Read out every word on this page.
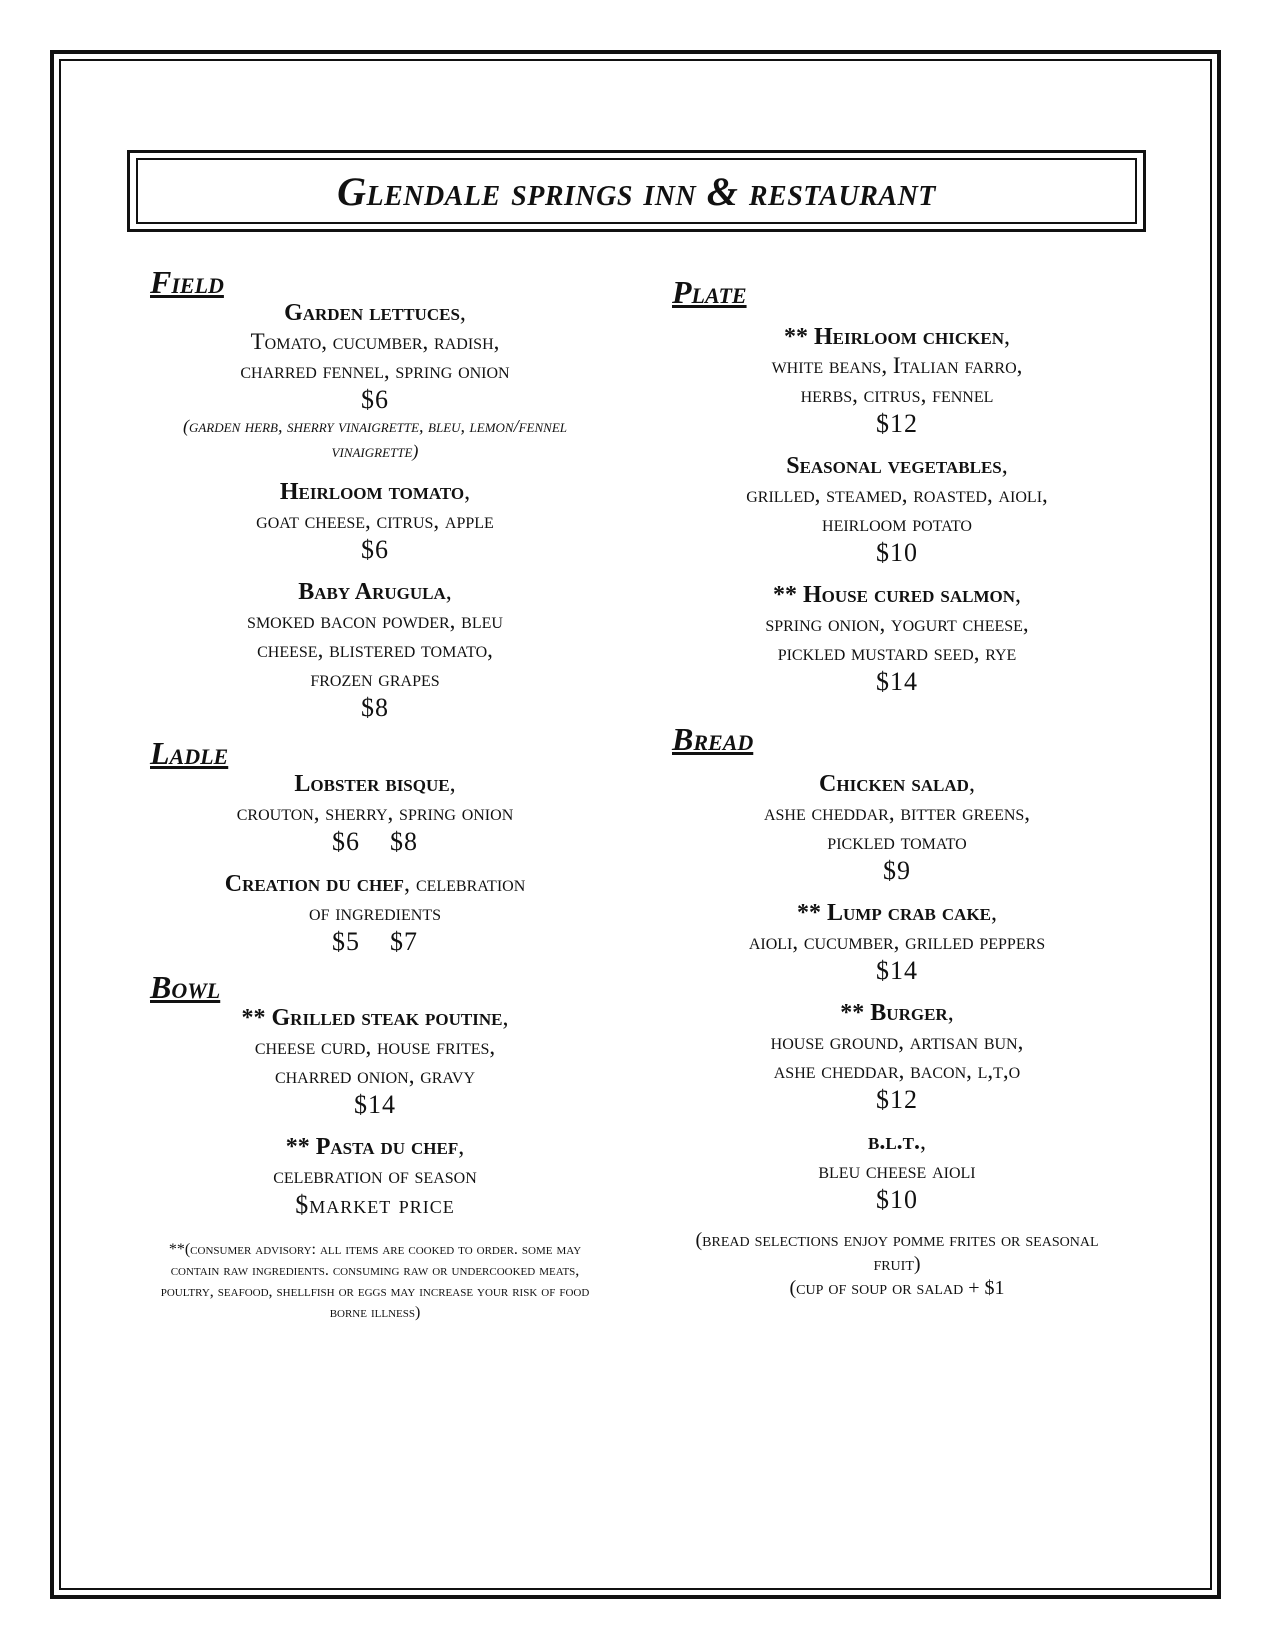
Glendale springs inn & restaurant
Field
Garden lettuces,
Tomato, cucumber, radish,
charred fennel, spring onion
$6
(garden herb, sherry vinaigrette, bleu, lemon/fennel vinaigrette)
Heirloom tomato,
goat cheese, citrus, apple
$6
Baby Arugula,
smoked bacon powder, bleu
cheese, blistered tomato,
frozen grapes
$8
Ladle
Lobster bisque,
crouton, sherry, spring onion
$6    $8
Creation du chef, celebration
of ingredients
$5    $7
Bowl
** Grilled steak poutine,
cheese curd, house frites,
charred onion, gravy
$14
** Pasta du chef,
celebration of season
$market price
**(consumer advisory: all items are cooked to order. some may contain raw ingredients. consuming raw or undercooked meats, poultry, seafood, shellfish or eggs may increase your risk of food borne illness)
Plate
** Heirloom chicken,
white beans, Italian farro,
herbs, citrus, fennel
$12
Seasonal vegetables,
grilled, steamed, roasted, aioli,
heirloom potato
$10
** House cured salmon,
spring onion, yogurt cheese,
pickled mustard seed, rye
$14
Bread
Chicken salad,
ashe cheddar, bitter greens,
pickled tomato
$9
** Lump crab cake,
aioli, cucumber, grilled peppers
$14
** Burger,
house ground, artisan bun,
ashe cheddar, bacon, l,t,o
$12
b.l.t.,
bleu cheese aioli
$10
(bread selections enjoy pomme frites or seasonal fruit)
(cup of soup or salad + $1
